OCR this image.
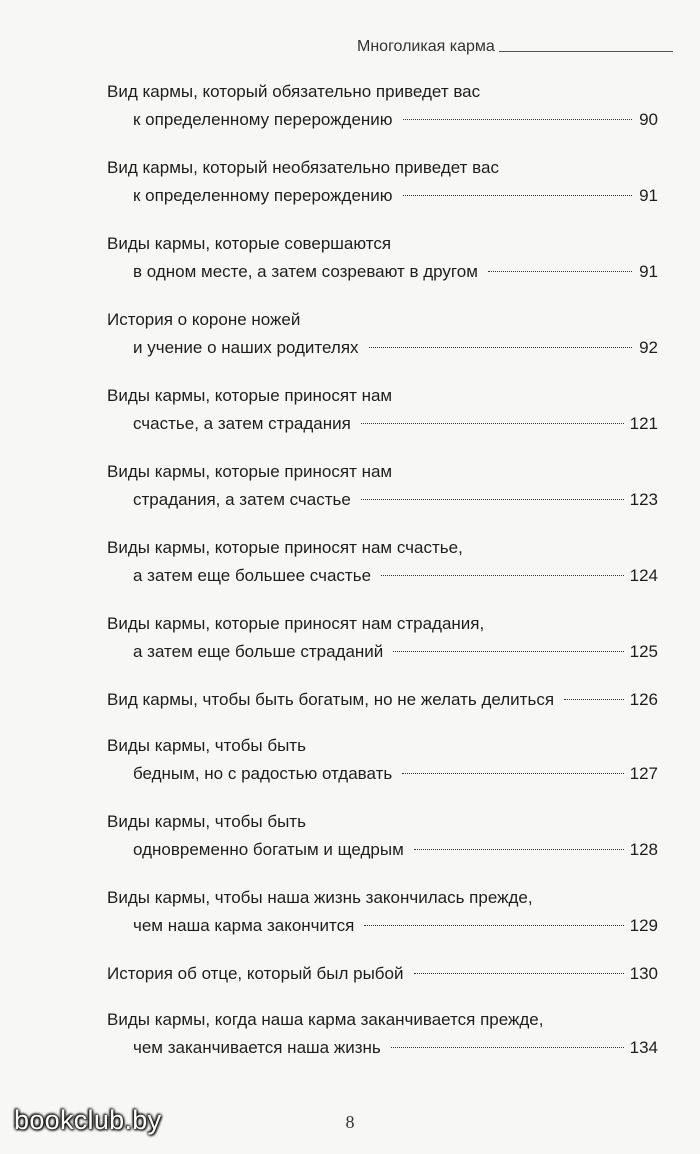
Многоликая карма
Вид кармы, который обязательно приведет вас
к определенному перерождению	90
Вид кармы, который необязательно приведет вас
к определенному перерождению	91
Виды кармы, которые совершаются
в одном месте, а затем созревают в другом	91
История о короне ножей
и учение о наших родителях	92
Виды кармы, которые приносят нам
счастье, а затем страдания	121
Виды кармы, которые приносят нам
страдания, а затем счастье	123
Виды кармы, которые приносят нам счастье,
а затем еще большее счастье	124
Виды кармы, которые приносят нам страдания,
а затем еще больше страданий	125
Вид кармы, чтобы быть богатым, но не желать делиться	126
Виды кармы, чтобы быть
бедным, но с радостью отдавать	127
Виды кармы, чтобы быть
одновременно богатым и щедрым	128
Виды кармы, чтобы наша жизнь закончилась прежде,
чем наша карма закончится	129
История об отце, который был рыбой	130
Виды кармы, когда наша карма заканчивается прежде,
чем заканчивается наша жизнь	134
8
bookclub.by
